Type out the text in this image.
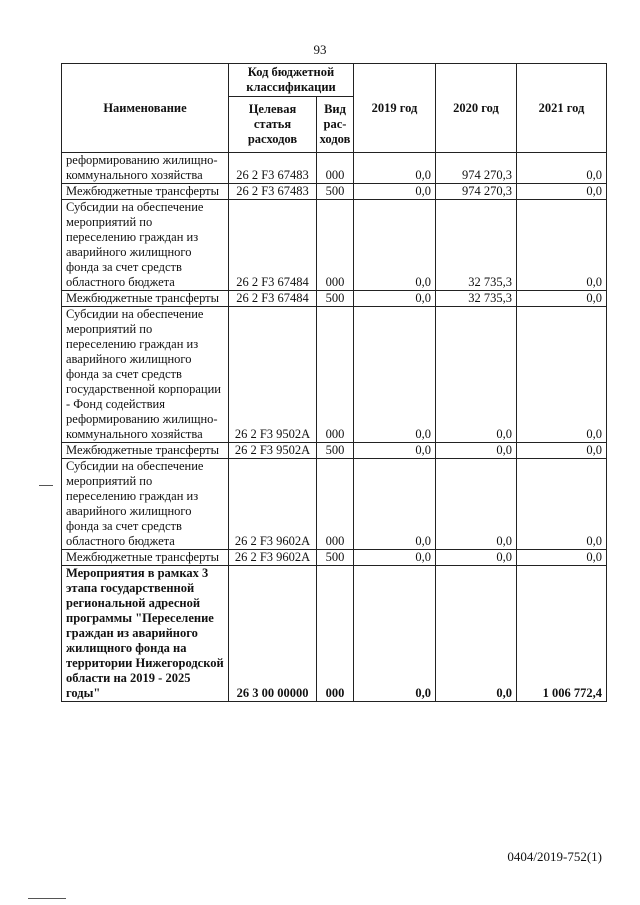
93
Наименование	Код бюджетной классификации		2019 год	2020 год	2021 год
	Целевая статья расходов	Вид рас-ходов			
реформированию жилищно-коммунального хозяйства	26 2 F3 67483	000	0,0	974 270,3	0,0
Межбюджетные трансферты	26 2 F3 67483	500	0,0	974 270,3	0,0
Субсидии на обеспечение мероприятий по переселению граждан из аварийного жилищного фонда за счет средств областного бюджета	26 2 F3 67484	000	0,0	32 735,3	0,0
Межбюджетные трансферты	26 2 F3 67484	500	0,0	32 735,3	0,0
Субсидии на обеспечение мероприятий по переселению граждан из аварийного жилищного фонда за счет средств государственной корпорации - Фонд содействия реформированию жилищно-коммунального хозяйства	26 2 F3 9502A	000	0,0	0,0	0,0
Межбюджетные трансферты	26 2 F3 9502A	500	0,0	0,0	0,0
Субсидии на обеспечение мероприятий по переселению граждан из аварийного жилищного фонда за счет средств областного бюджета	26 2 F3 9602A	000	0,0	0,0	0,0
Межбюджетные трансферты	26 2 F3 9602A	500	0,0	0,0	0,0
Мероприятия в рамках 3 этапа государственной региональной адресной программы "Переселение граждан из аварийного жилищного фонда на территории Нижегородской области на 2019 - 2025 годы"	26 3 00 00000	000	0,0	0,0	1 006 772,4
0404/2019-752(1)
